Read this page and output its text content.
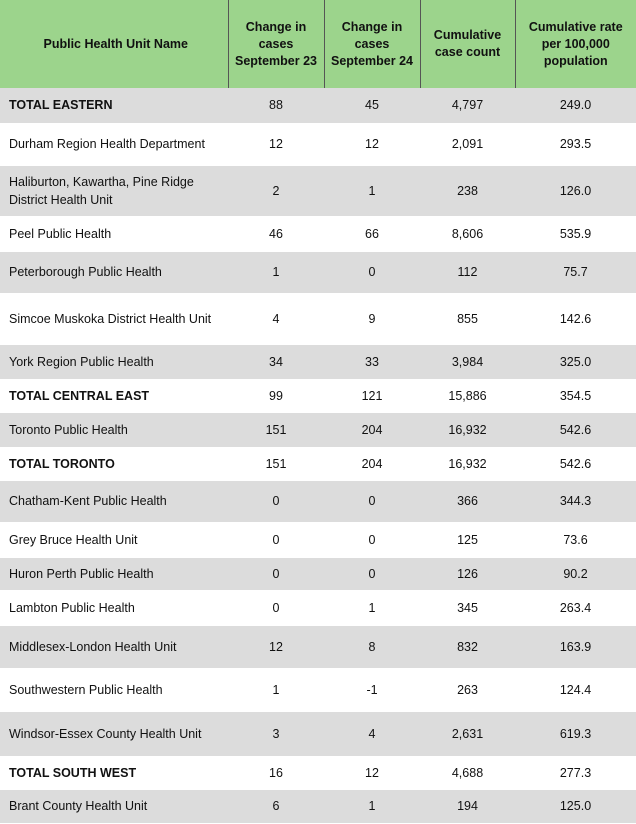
Public Health Unit Name	Change in cases September 23	Change in cases September 24	Cumulative case count	Cumulative rate per 100,000 population
TOTAL EASTERN	88	45	4,797	249.0
Durham Region Health Department	12	12	2,091	293.5
Haliburton, Kawartha, Pine Ridge District Health Unit	2	1	238	126.0
Peel Public Health	46	66	8,606	535.9
Peterborough Public Health	1	0	112	75.7
Simcoe Muskoka District Health Unit	4	9	855	142.6
York Region Public Health	34	33	3,984	325.0
TOTAL CENTRAL EAST	99	121	15,886	354.5
Toronto Public Health	151	204	16,932	542.6
TOTAL TORONTO	151	204	16,932	542.6
Chatham-Kent Public Health	0	0	366	344.3
Grey Bruce Health Unit	0	0	125	73.6
Huron Perth Public Health	0	0	126	90.2
Lambton Public Health	0	1	345	263.4
Middlesex-London Health Unit	12	8	832	163.9
Southwestern Public Health	1	-1	263	124.4
Windsor-Essex County Health Unit	3	4	2,631	619.3
TOTAL SOUTH WEST	16	12	4,688	277.3
Brant County Health Unit	6	1	194	125.0
